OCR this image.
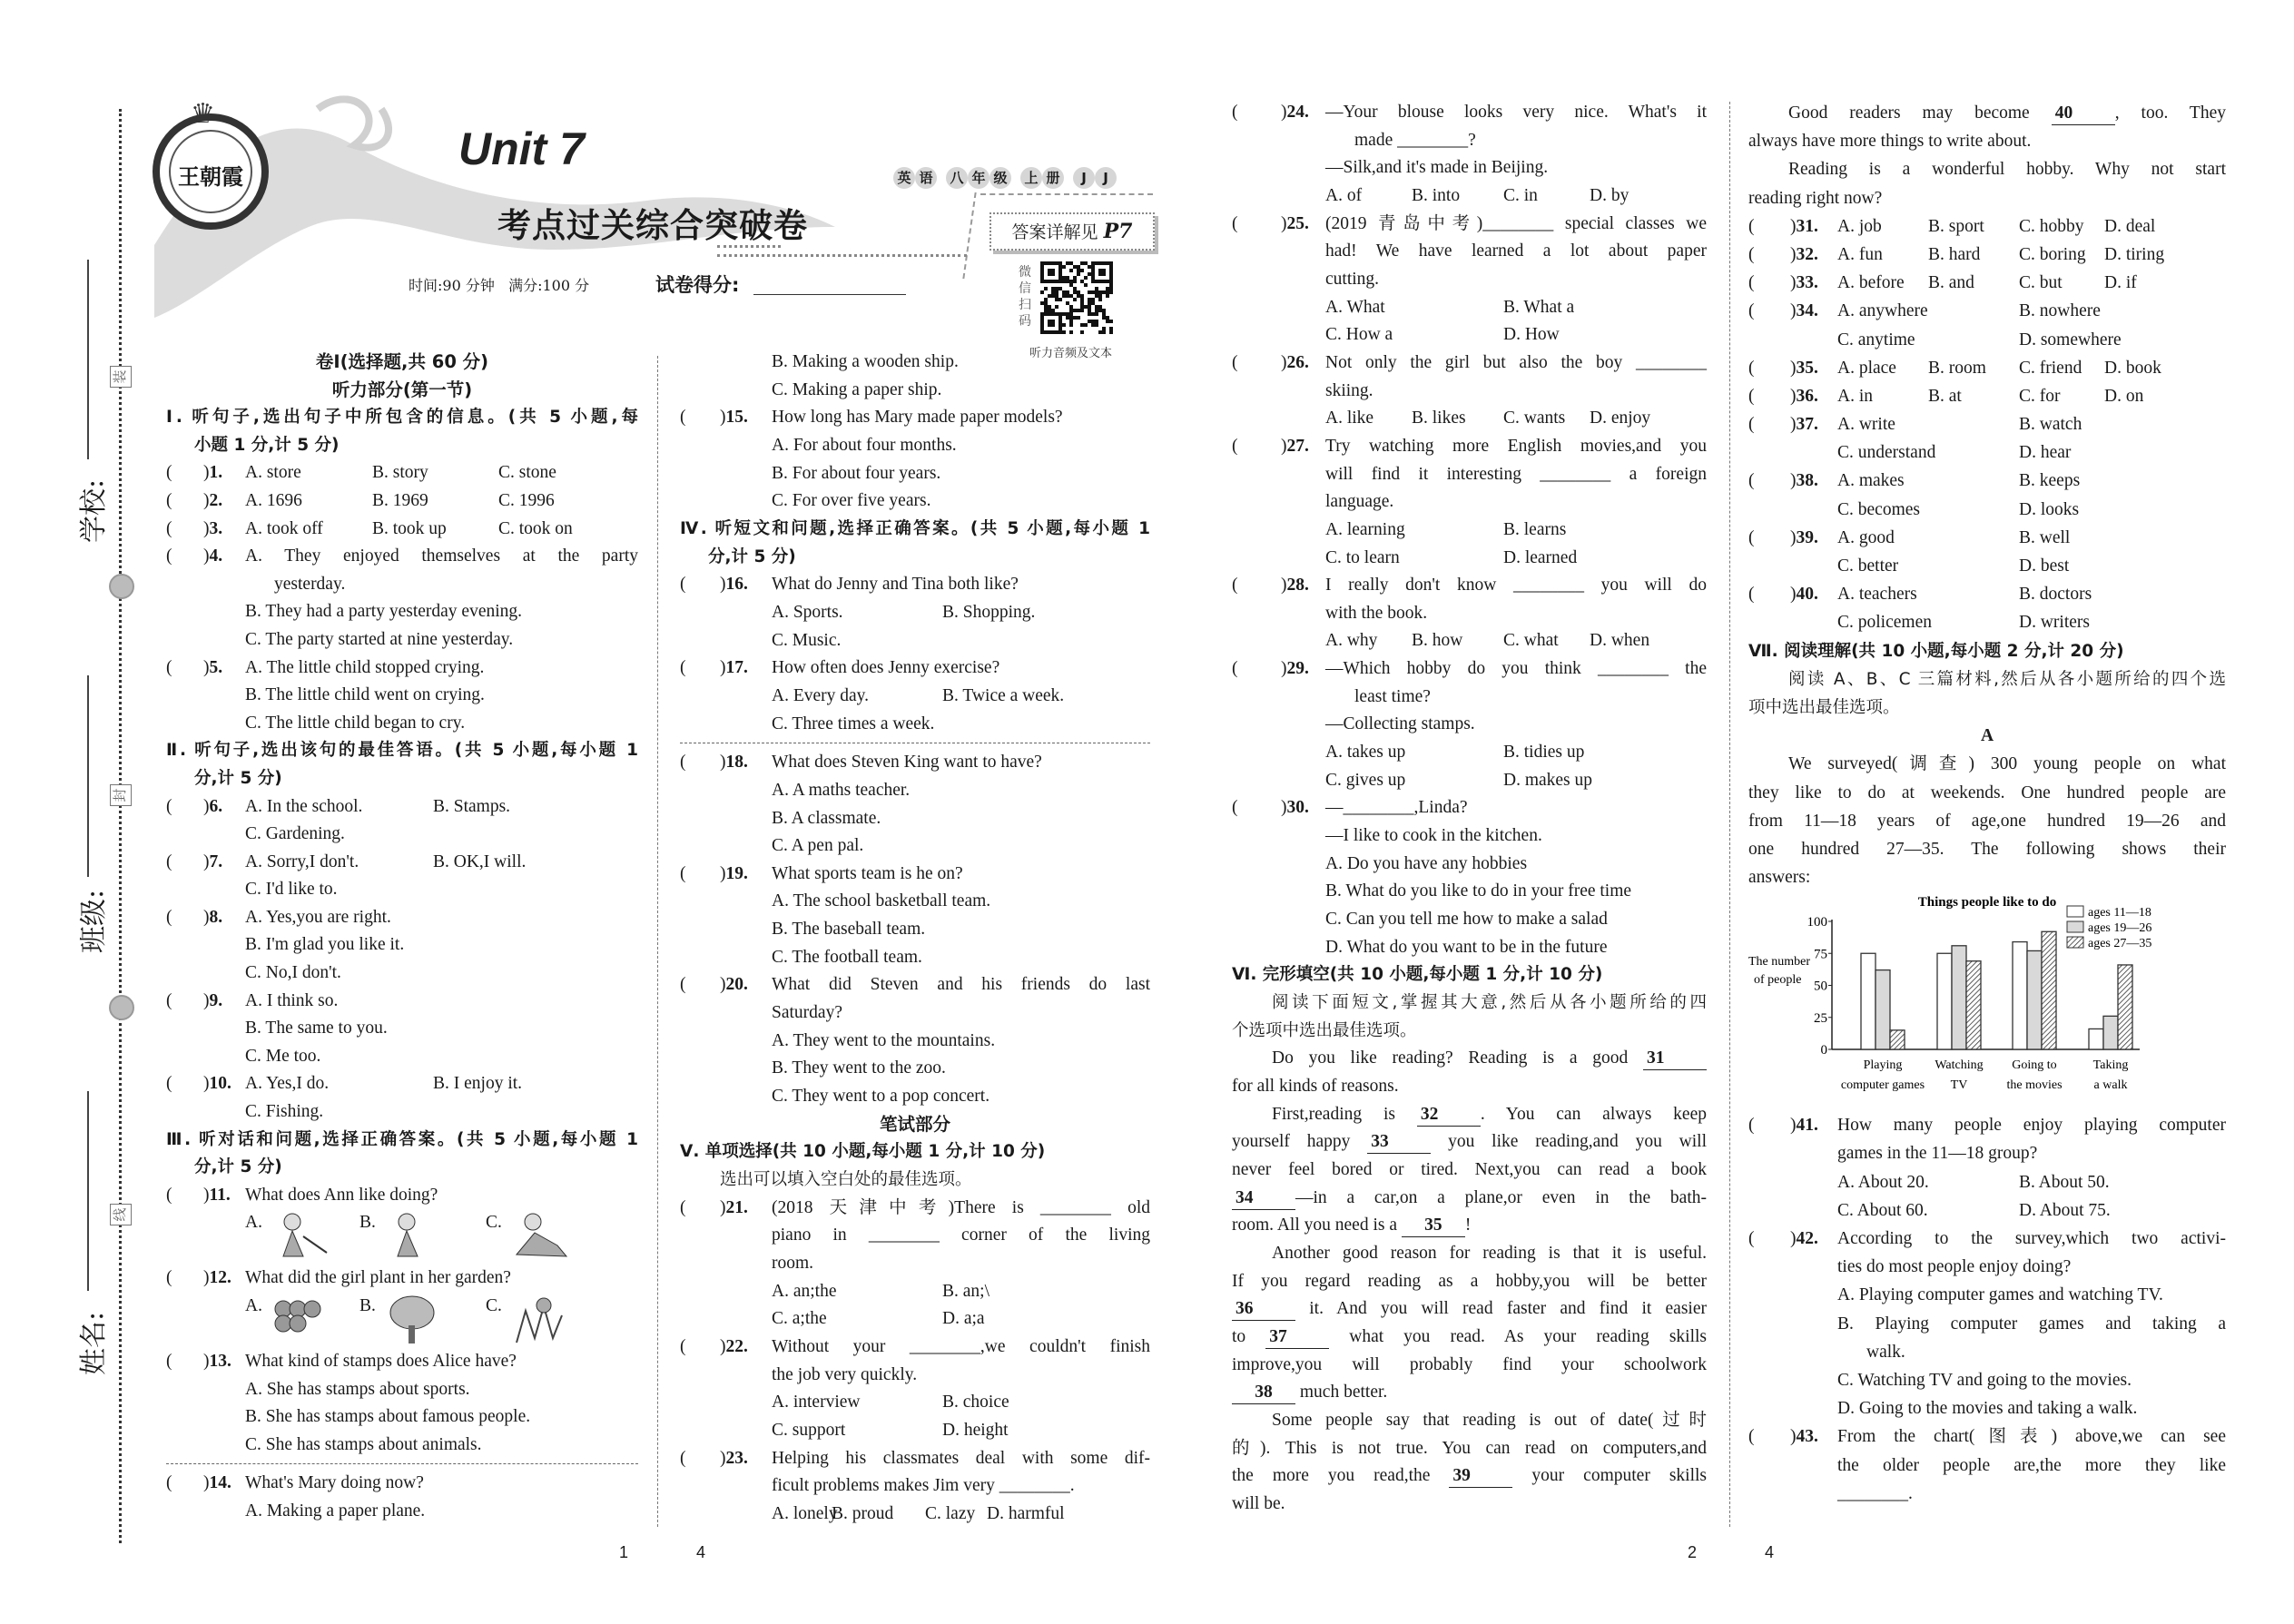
王朝霞
♛
Unit 7
英 语 八 年 级 上 册 J J
考点过关综合突破卷	答案详解见 P7
微信扫码
听力音频及文本
时间:90 分钟   满分:100 分	试卷得分:
装
封
线
学校:
班级:
姓名:
卷Ⅰ(选择题,共 60 分)
听力部分(第一节)
Ⅰ. 听句子,选出句子中所包含的信息。(共 5 小题,每
小题 1 分,计 5 分)
( )1. A. store	B. story	C. stone
( )2. A. 1696	B. 1969	C. 1996
( )3. A. took off	B. took up	C. took on
( )4. A. They enjoyed themselves at the party
yesterday.
B. They had a party yesterday evening.
C. The party started at nine yesterday.
( )5. A. The little child stopped crying.
B. The little child went on crying.
C. The little child began to cry.
Ⅱ. 听句子,选出该句的最佳答语。(共 5 小题,每小题 1
分,计 5 分)
( )6. A. In the school.	B. Stamps.
C. Gardening.
( )7. A. Sorry,I don't.	B. OK,I will.
C. I'd like to.
( )8. A. Yes,you are right.
B. I'm glad you like it.
C. No,I don't.
( )9. A. I think so.
B. The same to you.
C. Me too.
( )10. A. Yes,I do.	B. I enjoy it.
C. Fishing.
Ⅲ. 听对话和问题,选择正确答案。(共 5 小题,每小题 1
分,计 5 分)
( )11. What does Ann like doing?
A.	B.	C.
( )12. What did the girl plant in her garden?
A.	B.	C.
( )13. What kind of stamps does Alice have?
A. She has stamps about sports.
B. She has stamps about famous people.
C. She has stamps about animals.
( )14. What's Mary doing now?
A. Making a paper plane.
B. Making a wooden ship.
C. Making a paper ship.
( )15. How long has Mary made paper models?
A. For about four months.
B. For about four years.
C. For over five years.
Ⅳ. 听短文和问题,选择正确答案。(共 5 小题,每小题 1
分,计 5 分)
( )16. What do Jenny and Tina both like?
A. Sports.	B. Shopping.
C. Music.
( )17. How often does Jenny exercise?
A. Every day.	B. Twice a week.
C. Three times a week.
( )18. What does Steven King want to have?
A. A maths teacher.
B. A classmate.
C. A pen pal.
( )19. What sports team is he on?
A. The school basketball team.
B. The baseball team.
C. The football team.
( )20. What did Steven and his friends do last
Saturday?
A. They went to the mountains.
B. They went to the zoo.
C. They went to a pop concert.
笔试部分
Ⅴ. 单项选择(共 10 小题,每小题 1 分,计 10 分)
选出可以填入空白处的最佳选项。
( )21. (2018 天津中考)There is ________ old
piano in ________ corner of the living
room.
A. an;the	B. an;\
C. a;the	D. a;a
( )22. Without your ________,we couldn't finish
the job very quickly.
A. interview	B. choice
C. support	D. height
( )23. Helping his classmates deal with some dif-
ficult problems makes Jim very ________.
A. lonely
B. proud C. lazy D. harmful
( )24. —Your blouse looks very nice. What's it
made ________?
—Silk,and it's made in Beijing.
A. of	B. into C. in	D. by
( )25. (2019 青岛中考)________ special classes we
had! We have learned a lot about paper
cutting.
A. What	B. What a
C. How a	D. How
( )26. Not only the girl but also the boy ________
skiing.
A. like B. likes C. wants D. enjoy
( )27. Try watching more English movies,and you
will find it interesting ________ a foreign
language.
A. learning	B. learns
C. to learn	D. learned
( )28. I really don't know ________ you will do
with the book.
A. why B. how C. what D. when
( )29. —Which hobby do you think ________ the
least time?
—Collecting stamps.
A. takes up	B. tidies up
C. gives up	D. makes up
( )30. —________,Linda?
—I like to cook in the kitchen.
A. Do you have any hobbies
B. What do you like to do in your free time
C. Can you tell me how to make a salad
D. What do you want to be in the future
Ⅵ. 完形填空(共 10 小题,每小题 1 分,计 10 分)
阅读下面短文,掌握其大意,然后从各小题所给的四
个选项中选出最佳选项。
Do you like reading? Reading is a good 31
for all kinds of reasons.
First,reading is 32 . You can always keep
yourself happy 33 you like reading,and you will
never feel bored or tired. Next,you can read a book
34 —in a car,on a plane,or even in the bath-
room. All you need is a 35 !
Another good reason for reading is that it is useful.
If you regard reading as a hobby,you will be better
36 it. And you will read faster and find it easier
to 37 what you read. As your reading skills
improve,you will probably find your schoolwork
38 much better.
Some people say that reading is out of date(过时
的). This is not true. You can read on computers,and
the more you read,the 39 your computer skills
will be.
Good readers may become 40 , too. They
always have more things to write about.
Reading is a wonderful hobby. Why not start
reading right now?
( )31. A. job	B. sport C. hobby D. deal
( )32. A. fun	B. hard C. boring D. tiring
( )33. A. before B. and	C. but D. if
( )34. A. anywhere	B. nowhere
C. anytime	D. somewhere
( )35. A. place B. room C. friend D. book
( )36. A. in	B. at	C. for D. on
( )37. A. write	B. watch
C. understand	D. hear
( )38. A. makes	B. keeps
C. becomes	D. looks
( )39. A. good	B. well
C. better	D. best
( )40. A. teachers	B. doctors
C. policemen	D. writers
Ⅶ. 阅读理解(共 10 小题,每小题 2 分,计 20 分)
阅读 A、B、C 三篇材料,然后从各小题所给的四个选
项中选出最佳选项。
A
We surveyed(调查) 300 young people on what
they like to do at weekends. One hundred people are
from 11—18 years of age,one hundred 19—26 and
one hundred 27—35. The following shows their
answers:
Things people like to do
The number
of people
0
25
50
75
100
Playing
computer games
Watching
TV
Going to
the movies
Taking
a walk
ages 11—18
ages 19—26
ages 27—35
( )41. How many people enjoy playing computer
games in the 11—18 group?
A. About 20.	B. About 50.
C. About 60.	D. About 75.
( )42. According to the survey,which two activi-
ties do most people enjoy doing?
A. Playing computer games and watching TV.
B. Playing computer games and taking a
walk.
C. Watching TV and going to the movies.
D. Going to the movies and taking a walk.
( )43. From the chart(图表) above,we can see
the older people are,the more they like
________.
1	4	2	4
